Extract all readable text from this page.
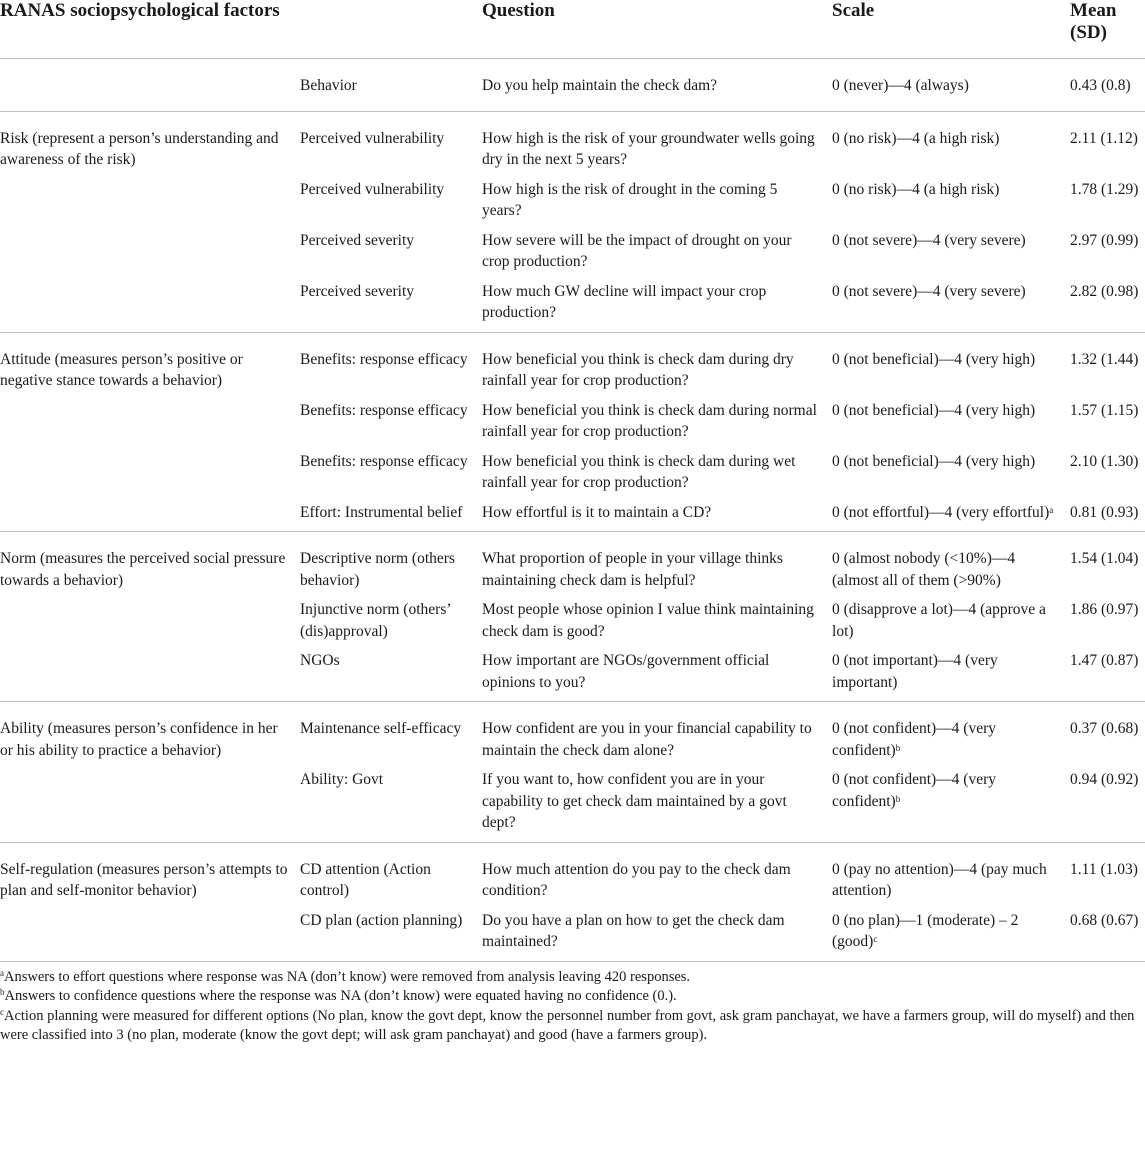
RANAS sociopsychological factors		Question	Scale	Mean
(SD)
	Behavior	Do you help maintain the check dam?	0 (never)—4 (always)	0.43 (0.8)
Risk (represent a person’s understanding and awareness of the risk)	Perceived vulnerability	How high is the risk of your groundwater wells going dry in the next 5 years?	0 (no risk)—4 (a high risk)	2.11 (1.12)
	Perceived vulnerability	How high is the risk of drought in the coming 5 years?	0 (no risk)—4 (a high risk)	1.78 (1.29)
	Perceived severity	How severe will be the impact of drought on your crop production?	0 (not severe)—4 (very severe)	2.97 (0.99)
	Perceived severity	How much GW decline will impact your crop production?	0 (not severe)—4 (very severe)	2.82 (0.98)
Attitude (measures person’s positive or negative stance towards a behavior)	Benefits: response efficacy	How beneficial you think is check dam during dry rainfall year for crop production?	0 (not beneficial)—4 (very high)	1.32 (1.44)
	Benefits: response efficacy	How beneficial you think is check dam during normal rainfall year for crop production?	0 (not beneficial)—4 (very high)	1.57 (1.15)
	Benefits: response efficacy	How beneficial you think is check dam during wet rainfall year for crop production?	0 (not beneficial)—4 (very high)	2.10 (1.30)
	Effort: Instrumental belief	How effortful is it to maintain a CD?	0 (not effortful)—4 (very effortful)$^a$	0.81 (0.93)
Norm (measures the perceived social pressure towards a behavior)	Descriptive norm (others behavior)	What proportion of people in your village thinks maintaining check dam is helpful?	0 (almost nobody (<10%)—4 (almost all of them (>90%)	1.54 (1.04)
	Injunctive norm (others’ (dis)approval)	Most people whose opinion I value think maintaining check dam is good?	0 (disapprove a lot)—4 (approve a lot)	1.86 (0.97)
	NGOs	How important are NGOs/government official opinions to you?	0 (not important)—4 (very important)	1.47 (0.87)
Ability (measures person’s confidence in her or his ability to practice a behavior)	Maintenance self-efficacy	How confident are you in your financial capability to maintain the check dam alone?	0 (not confident)—4 (very confident)$^b$	0.37 (0.68)
	Ability: Govt	If you want to, how confident you are in your capability to get check dam maintained by a govt dept?	0 (not confident)—4 (very confident)$^b$	0.94 (0.92)
Self-regulation (measures person’s attempts to plan and self-monitor behavior)	CD attention (Action control)	How much attention do you pay to the check dam condition?	0 (pay no attention)—4 (pay much attention)	1.11 (1.03)
	CD plan (action planning)	Do you have a plan on how to get the check dam maintained?	0 (no plan)—1 (moderate) – 2 (good)$^c$	0.68 (0.67)
$^a$Answers to effort questions where response was NA (don’t know) were removed from analysis leaving 420 responses.
$^b$Answers to confidence questions where the response was NA (don’t know) were equated having no confidence (0.).
$^c$Action planning were measured for different options (No plan, know the govt dept, know the personnel number from govt, ask gram panchayat, we have a farmers group, will do myself) and then were classified into 3 (no plan, moderate (know the govt dept; will ask gram panchayat) and good (have a farmers group).
